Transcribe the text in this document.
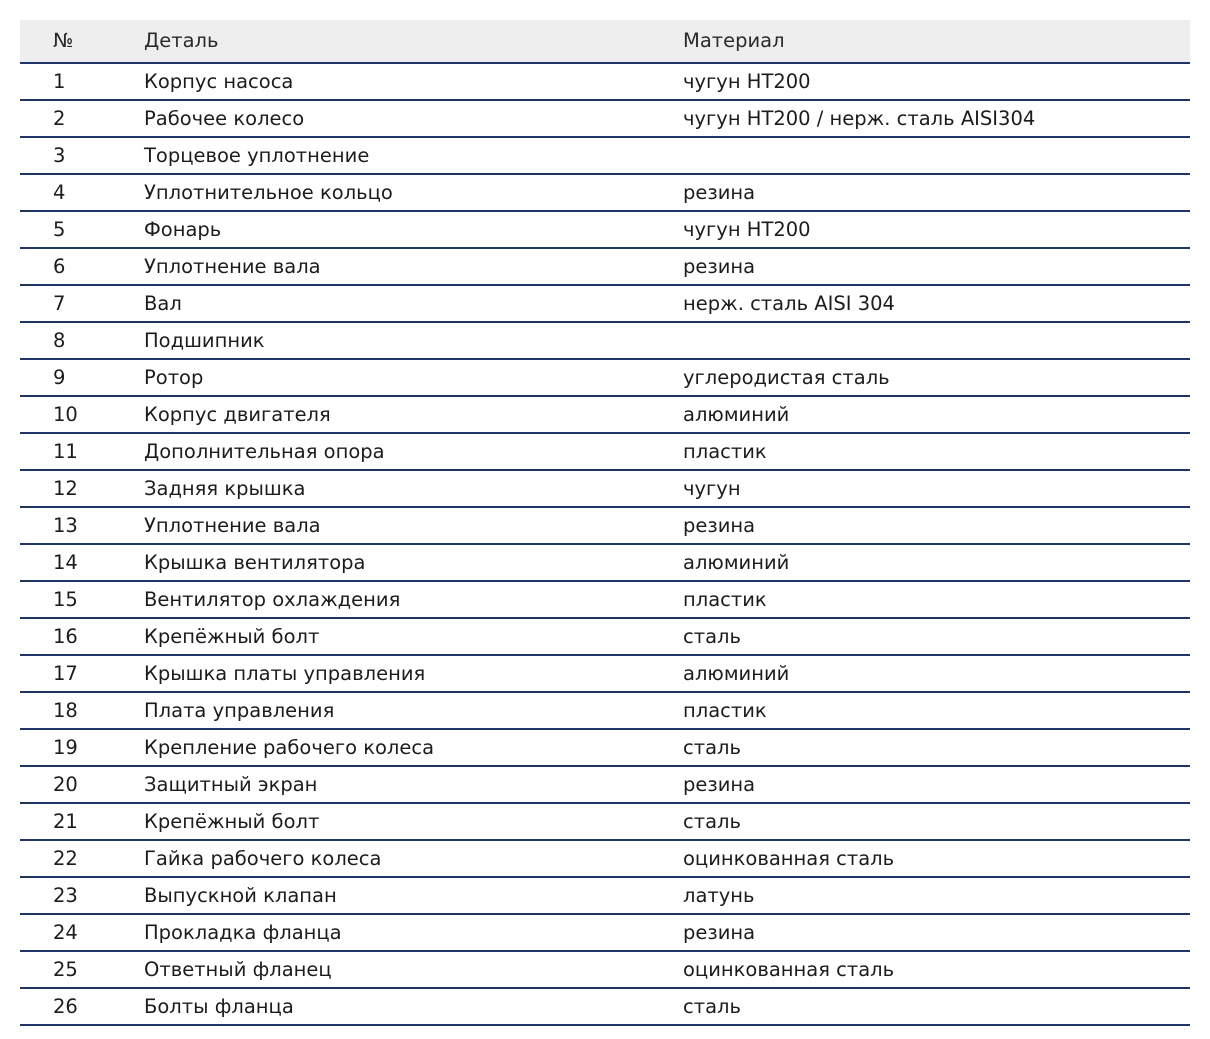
№	Деталь	Материал
1	Корпус насоса	чугун HT200
2	Рабочее колесо	чугун HT200 / нерж. сталь AISI304
3	Торцевое уплотнение
4	Уплотнительное кольцо	резина
5	Фонарь	чугун HT200
6	Уплотнение вала	резина
7	Вал	нерж. сталь AISI 304
8	Подшипник
9	Ротор	углеродистая сталь
10	Корпус двигателя	алюминий
11	Дополнительная опора	пластик
12	Задняя крышка	чугун
13	Уплотнение вала	резина
14	Крышка вентилятора	алюминий
15	Вентилятор охлаждения	пластик
16	Крепёжный болт	сталь
17	Крышка платы управления	алюминий
18	Плата управления	пластик
19	Крепление рабочего колеса	сталь
20	Защитный экран	резина
21	Крепёжный болт	сталь
22	Гайка рабочего колеса	оцинкованная сталь
23	Выпускной клапан	латунь
24	Прокладка фланца	резина
25	Ответный фланец	оцинкованная сталь
26	Болты фланца	сталь
